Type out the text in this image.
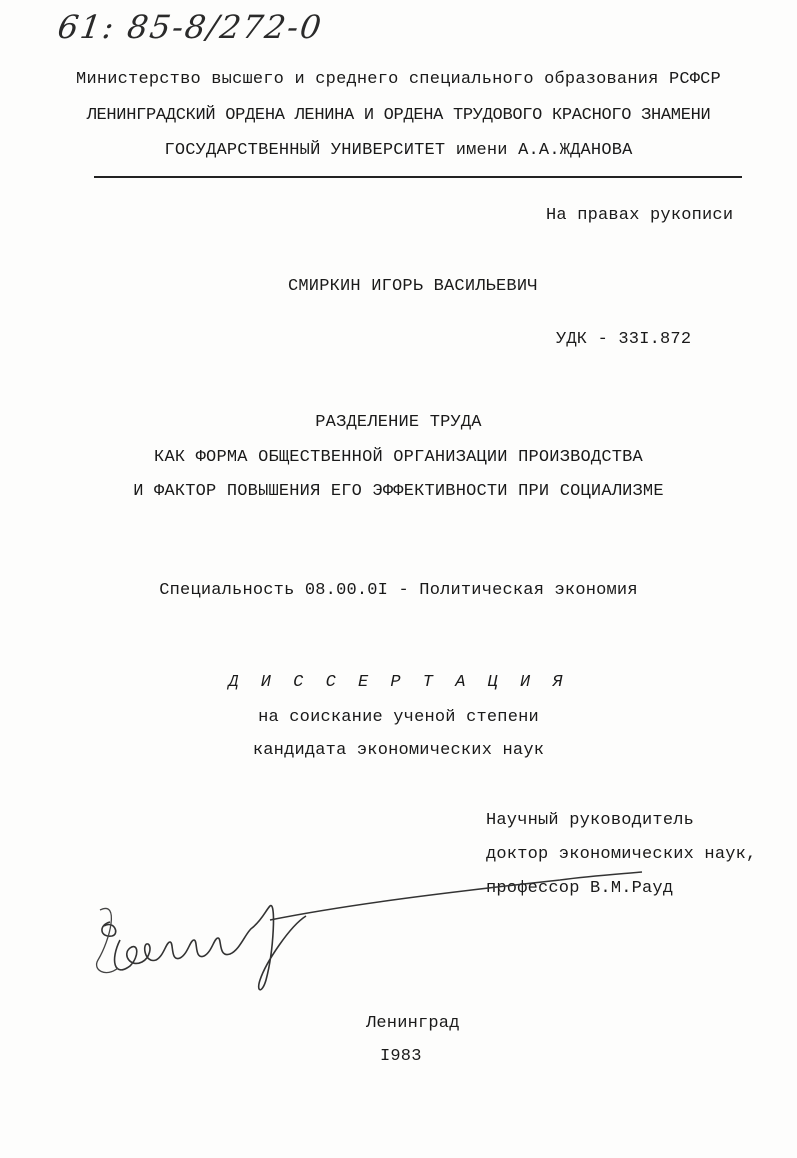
61: 85-8/272-0
Министерство высшего и среднего специального образования РСФСР
ЛЕНИНГРАДСКИЙ ОРДЕНА ЛЕНИНА И ОРДЕНА ТРУДОВОГО КРАСНОГО ЗНАМЕНИ
ГОСУДАРСТВЕННЫЙ УНИВЕРСИТЕТ имени А.А.ЖДАНОВА
На правах рукописи
СМИРКИН ИГОРЬ ВАСИЛЬЕВИЧ
УДК - 33I.872
РАЗДЕЛЕНИЕ ТРУДА
КАК ФОРМА ОБЩЕСТВЕННОЙ ОРГАНИЗАЦИИ ПРОИЗВОДСТВА
И ФАКТОР ПОВЫШЕНИЯ ЕГО ЭФФЕКТИВНОСТИ ПРИ СОЦИАЛИЗМЕ
Специальность 08.00.0I - Политическая экономия
Д И С С Е Р Т А Ц И Я
на соискание ученой степени
кандидата экономических наук
Научный руководитель
доктор экономических наук,
профессор В.М.Рауд
Ленинград
I983
